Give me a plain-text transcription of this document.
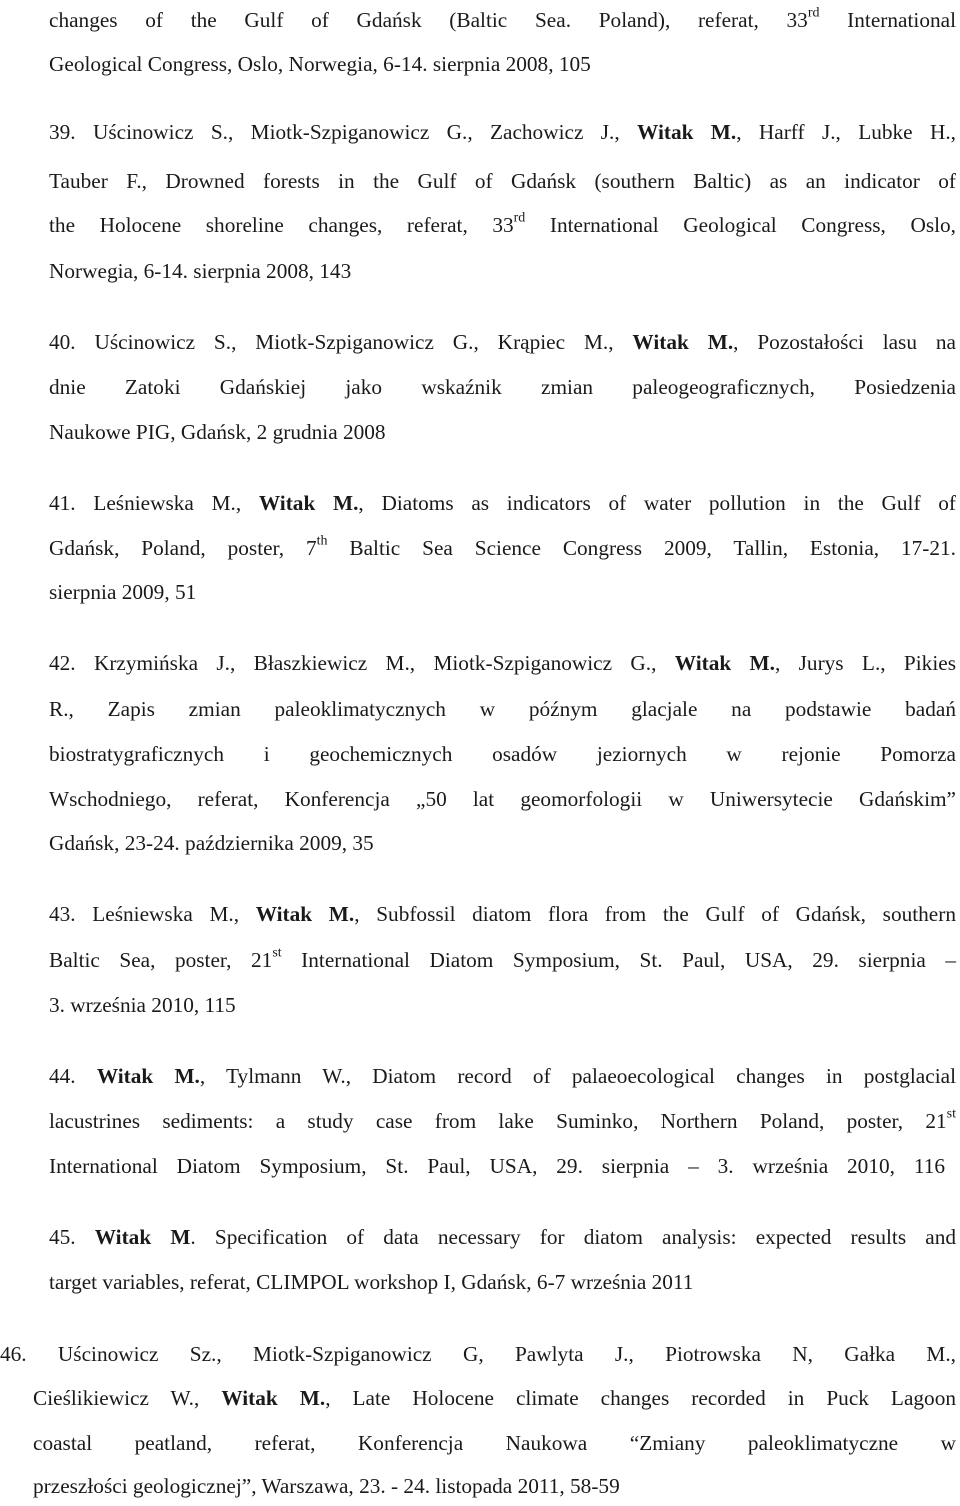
changes of the Gulf of Gdańsk (Baltic Sea. Poland), referat, 33rd International
Geological Congress, Oslo, Norwegia, 6-14. sierpnia 2008, 105
39. Uścinowicz S., Miotk-Szpiganowicz G., Zachowicz J., Witak M., Harff J., Lubke H.,
Tauber F., Drowned forests in the Gulf of Gdańsk (southern Baltic) as an indicator of
the Holocene shoreline changes, referat, 33rd International Geological Congress, Oslo,
Norwegia, 6-14. sierpnia 2008, 143
40. Uścinowicz S., Miotk-Szpiganowicz G., Krąpiec M., Witak M., Pozostałości lasu na
dnie Zatoki Gdańskiej jako wskaźnik zmian paleogeograficznych, Posiedzenia
Naukowe PIG, Gdańsk, 2 grudnia 2008
41. Leśniewska M., Witak M., Diatoms as indicators of water pollution in the Gulf of
Gdańsk, Poland, poster, 7th Baltic Sea Science Congress 2009, Tallin, Estonia, 17-21.
sierpnia 2009, 51
42. Krzymińska J., Błaszkiewicz M., Miotk-Szpiganowicz G., Witak M., Jurys L., Pikies
R., Zapis zmian paleoklimatycznych w późnym glacjale na podstawie badań
biostratygraficznych i geochemicznych osadów jeziornych w rejonie Pomorza
Wschodniego, referat, Konferencja „50 lat geomorfologii w Uniwersytecie Gdańskim”
Gdańsk, 23-24. października 2009, 35
43. Leśniewska M., Witak M., Subfossil diatom flora from the Gulf of Gdańsk, southern
Baltic Sea, poster, 21st International Diatom Symposium, St. Paul, USA, 29. sierpnia –
3. września 2010, 115
44. Witak M., Tylmann W., Diatom record of palaeoecological changes in postglacial
lacustrines sediments: a study case from lake Suminko, Northern Poland, poster, 21st
International Diatom Symposium, St. Paul, USA, 29. sierpnia – 3. września 2010, 116
45. Witak M. Specification of data necessary for diatom analysis: expected results and
target variables, referat, CLIMPOL workshop I, Gdańsk, 6-7 września 2011
46. Uścinowicz Sz., Miotk-Szpiganowicz G, Pawlyta J., Piotrowska N, Gałka M.,
Cieślikiewicz W., Witak M., Late Holocene climate changes recorded in Puck Lagoon
coastal peatland, referat, Konferencja Naukowa “Zmiany paleoklimatyczne w
przeszłości geologicznej”, Warszawa, 23. - 24. listopada 2011, 58-59
